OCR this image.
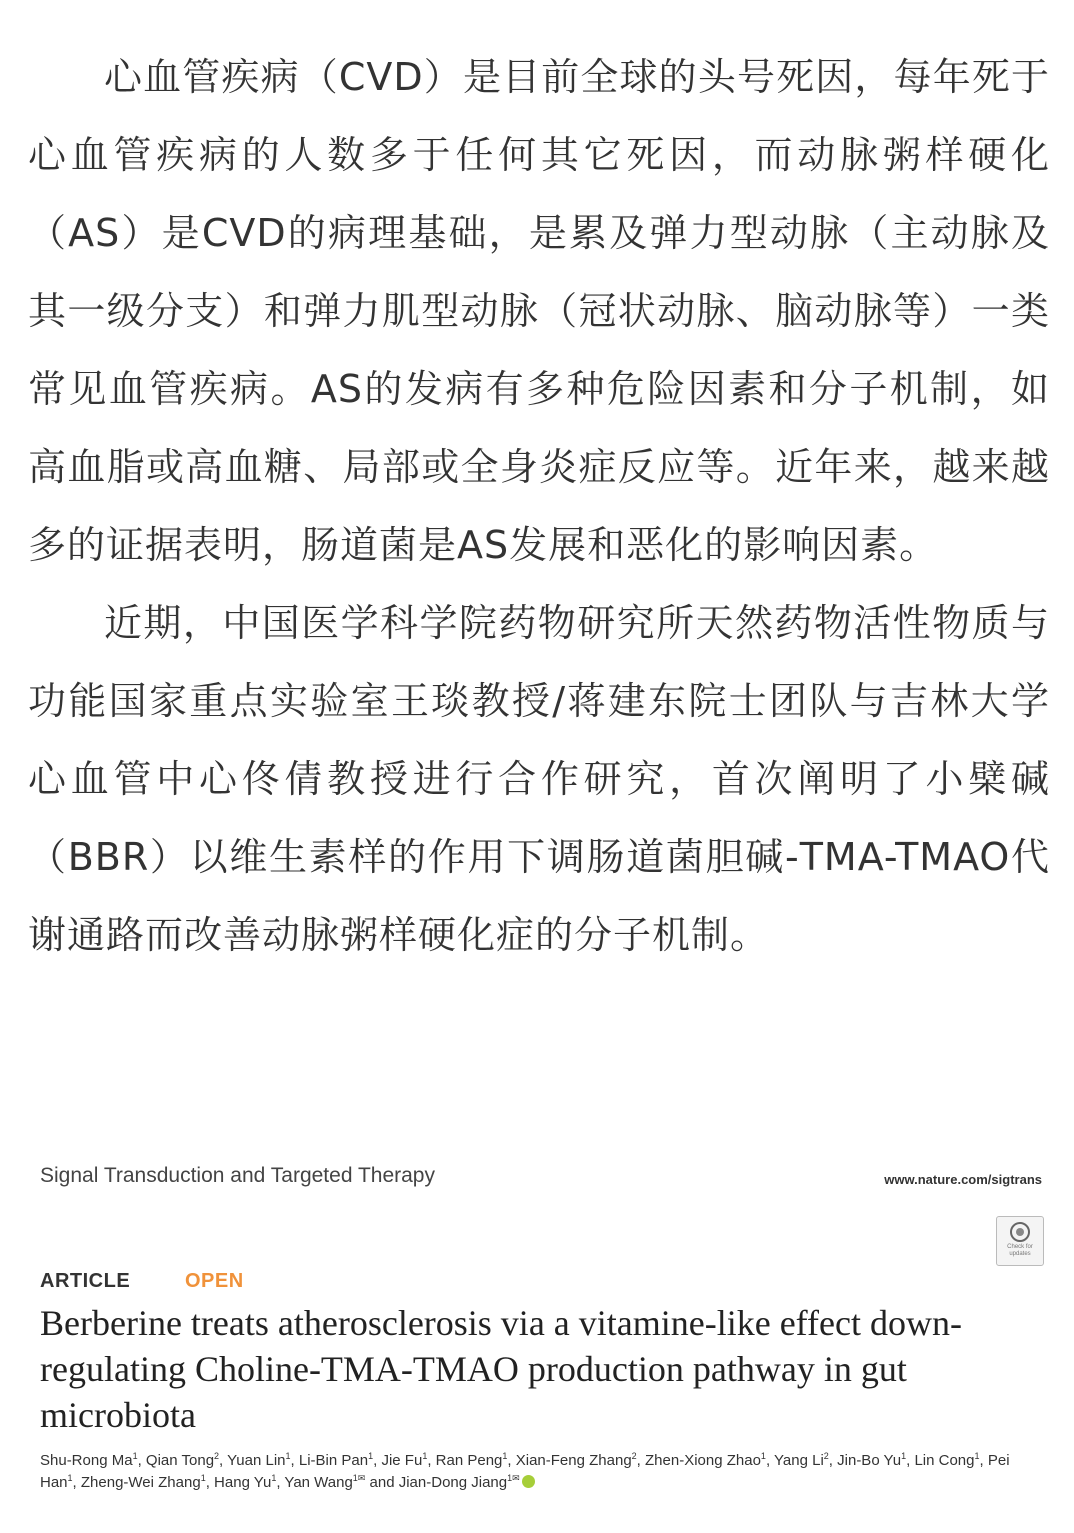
心血管疾病（CVD）是目前全球的头号死因，每年死于心血管疾病的人数多于任何其它死因，而动脉粥样硬化（AS）是CVD的病理基础，是累及弹力型动脉（主动脉及其一级分支）和弹力肌型动脉（冠状动脉、脑动脉等）一类常见血管疾病。AS的发病有多种危险因素和分子机制，如高血脂或高血糖、局部或全身炎症反应等。近年来，越来越多的证据表明，肠道菌是AS发展和恶化的影响因素。

近期，中国医学科学院药物研究所天然药物活性物质与功能国家重点实验室王琰教授/蒋建东院士团队与吉林大学心血管中心佟倩教授进行合作研究，首次阐明了小檗碱（BBR）以维生素样的作用下调肠道菌胆碱-TMA-TMAO代谢通路而改善动脉粥样硬化症的分子机制。

Signal Transduction and Targeted Therapy	www.nature.com/sigtrans
Check for updates
ARTICLE	OPEN

Berberine treats atherosclerosis via a vitamine-like effect down-regulating Choline-TMA-TMAO production pathway in gut microbiota

Shu-Rong Ma$^1$, Qian Tong$^2$, Yuan Lin$^1$, Li-Bin Pan$^1$, Jie Fu$^1$, Ran Peng$^1$, Xian-Feng Zhang$^2$, Zhen-Xiong Zhao$^1$, Yang Li$^2$, Jin-Bo Yu$^1$, Lin Cong$^1$, Pei Han$^1$, Zheng-Wei Zhang$^1$, Hang Yu$^1$, Yan Wang$^{1✉}$ and Jian-Dong Jiang$^{1✉}$
